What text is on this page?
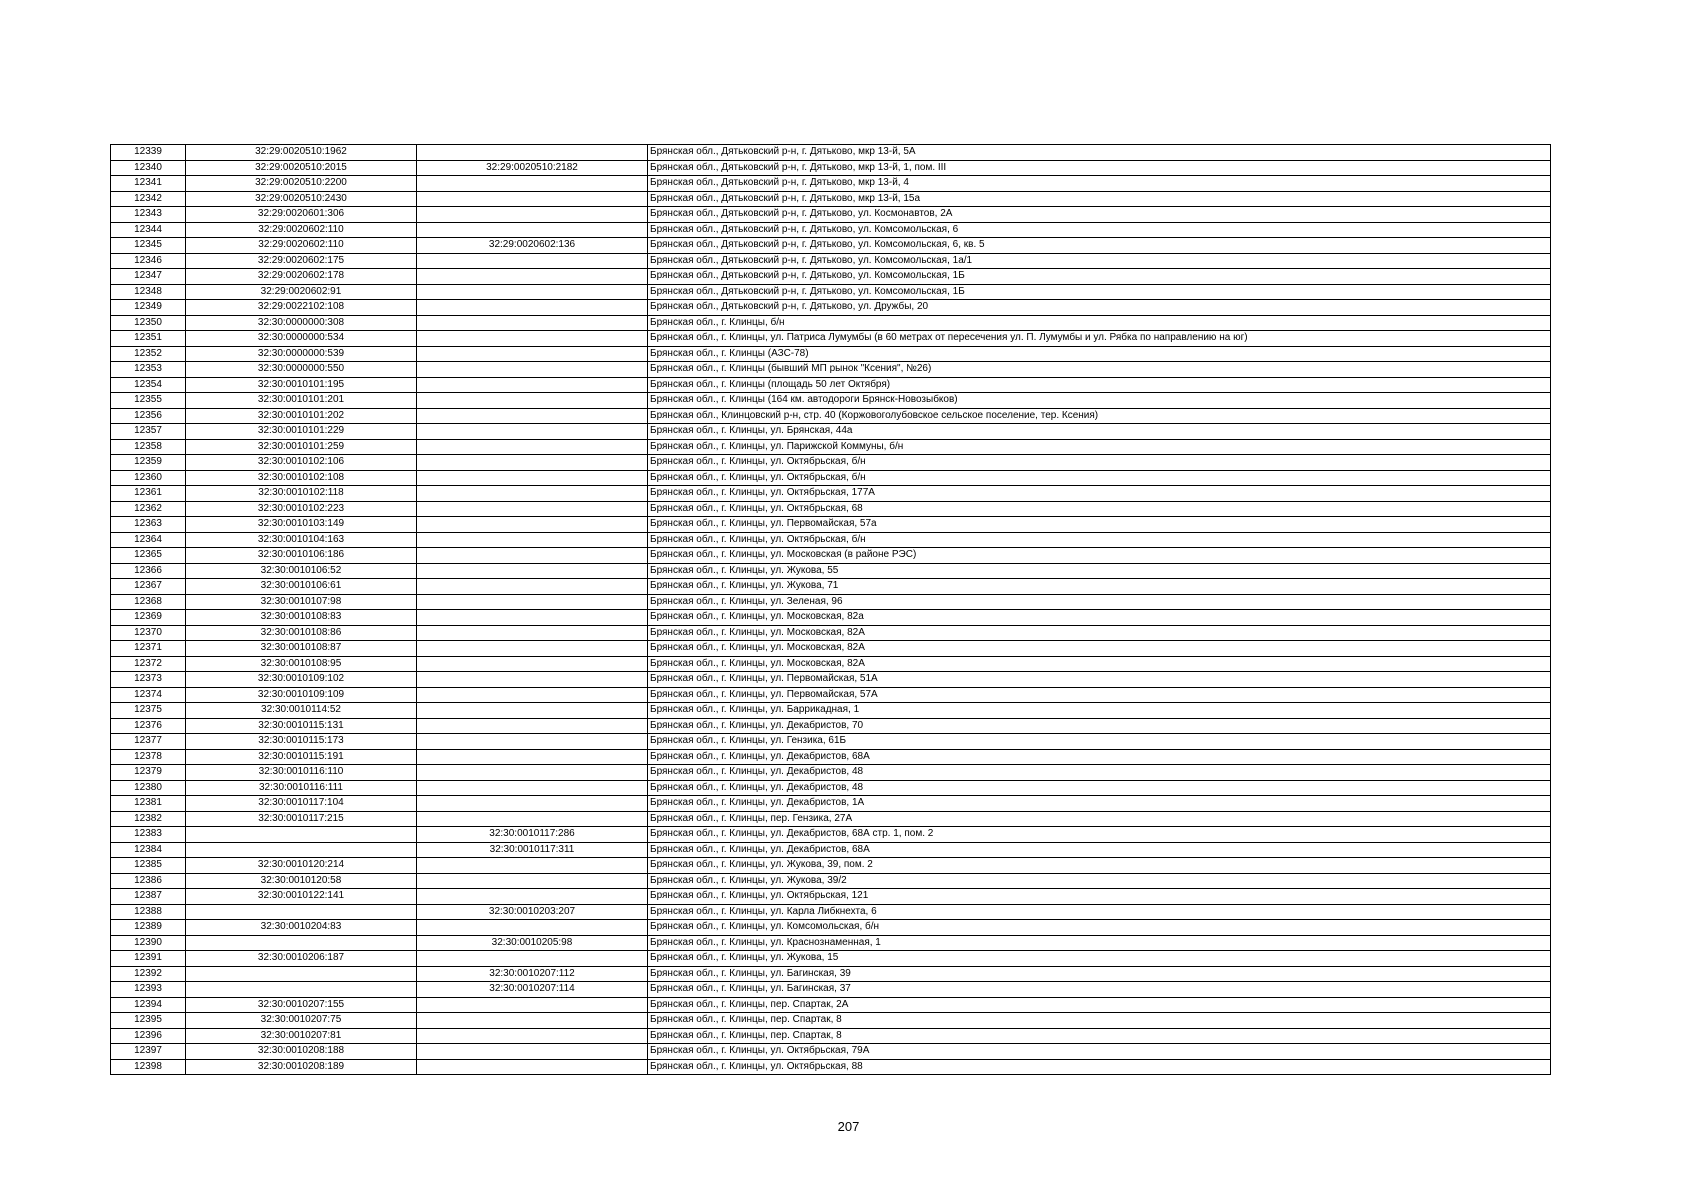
12339	32:29:0020510:1962		Брянская обл., Дятьковский р-н, г. Дятьково, мкр 13-й, 5А
12340	32:29:0020510:2015	32:29:0020510:2182	Брянская обл., Дятьковский р-н, г. Дятьково, мкр 13-й, 1, пом. III
12341	32:29:0020510:2200		Брянская обл., Дятьковский р-н, г. Дятьково, мкр 13-й, 4
12342	32:29:0020510:2430		Брянская обл., Дятьковский р-н, г. Дятьково, мкр 13-й, 15а
12343	32:29:0020601:306		Брянская обл., Дятьковский р-н, г. Дятьково, ул. Космонавтов, 2А
12344	32:29:0020602:110		Брянская обл., Дятьковский р-н, г. Дятьково, ул. Комсомольская, 6
12345	32:29:0020602:110	32:29:0020602:136	Брянская обл., Дятьковский р-н, г. Дятьково, ул. Комсомольская, 6, кв. 5
12346	32:29:0020602:175		Брянская обл., Дятьковский р-н, г. Дятьково, ул. Комсомольская, 1а/1
12347	32:29:0020602:178		Брянская обл., Дятьковский р-н, г. Дятьково, ул. Комсомольская, 1Б
12348	32:29:0020602:91		Брянская обл., Дятьковский р-н, г. Дятьково, ул. Комсомольская, 1Б
12349	32:29:0022102:108		Брянская обл., Дятьковский р-н, г. Дятьково, ул. Дружбы, 20
12350	32:30:0000000:308		Брянская обл., г. Клинцы, б/н
12351	32:30:0000000:534		Брянская обл., г. Клинцы, ул. Патриса Лумумбы (в 60 метрах от пересечения ул. П. Лумумбы и ул. Рябка по направлению на юг)
12352	32:30:0000000:539		Брянская обл., г. Клинцы (АЗС-78)
12353	32:30:0000000:550		Брянская обл., г. Клинцы (бывший МП рынок "Ксения", №26)
12354	32:30:0010101:195		Брянская обл., г. Клинцы (площадь 50 лет Октября)
12355	32:30:0010101:201		Брянская обл., г. Клинцы (164 км. автодороги Брянск-Новозыбков)
12356	32:30:0010101:202		Брянская обл., Клинцовский р-н, стр. 40 (Коржовоголубовское сельское поселение, тер. Ксения)
12357	32:30:0010101:229		Брянская обл., г. Клинцы, ул. Брянская, 44а
12358	32:30:0010101:259		Брянская обл., г. Клинцы, ул. Парижской Коммуны, б/н
12359	32:30:0010102:106		Брянская обл., г. Клинцы, ул. Октябрьская, б/н
12360	32:30:0010102:108		Брянская обл., г. Клинцы, ул. Октябрьская, б/н
12361	32:30:0010102:118		Брянская обл., г. Клинцы, ул. Октябрьская, 177А
12362	32:30:0010102:223		Брянская обл., г. Клинцы, ул. Октябрьская, 68
12363	32:30:0010103:149		Брянская обл., г. Клинцы, ул. Первомайская, 57а
12364	32:30:0010104:163		Брянская обл., г. Клинцы, ул. Октябрьская, б/н
12365	32:30:0010106:186		Брянская обл., г. Клинцы, ул. Московская (в районе РЭС)
12366	32:30:0010106:52		Брянская обл., г. Клинцы, ул. Жукова, 55
12367	32:30:0010106:61		Брянская обл., г. Клинцы, ул. Жукова, 71
12368	32:30:0010107:98		Брянская обл., г. Клинцы, ул. Зеленая, 96
12369	32:30:0010108:83		Брянская обл., г. Клинцы, ул. Московская, 82а
12370	32:30:0010108:86		Брянская обл., г. Клинцы, ул. Московская, 82А
12371	32:30:0010108:87		Брянская обл., г. Клинцы, ул. Московская, 82А
12372	32:30:0010108:95		Брянская обл., г. Клинцы, ул. Московская, 82А
12373	32:30:0010109:102		Брянская обл., г. Клинцы, ул. Первомайская, 51А
12374	32:30:0010109:109		Брянская обл., г. Клинцы, ул. Первомайская, 57А
12375	32:30:0010114:52		Брянская обл., г. Клинцы, ул. Баррикадная, 1
12376	32:30:0010115:131		Брянская обл., г. Клинцы, ул. Декабристов, 70
12377	32:30:0010115:173		Брянская обл., г. Клинцы, ул. Гензика, 61Б
12378	32:30:0010115:191		Брянская обл., г. Клинцы, ул. Декабристов, 68А
12379	32:30:0010116:110		Брянская обл., г. Клинцы, ул. Декабристов, 48
12380	32:30:0010116:111		Брянская обл., г. Клинцы, ул. Декабристов, 48
12381	32:30:0010117:104		Брянская обл., г. Клинцы, ул. Декабристов, 1А
12382	32:30:0010117:215		Брянская обл., г. Клинцы, пер. Гензика, 27А
12383		32:30:0010117:286	Брянская обл., г. Клинцы, ул. Декабристов, 68А стр. 1, пом. 2
12384		32:30:0010117:311	Брянская обл., г. Клинцы, ул. Декабристов, 68А
12385	32:30:0010120:214		Брянская обл., г. Клинцы, ул. Жукова, 39, пом. 2
12386	32:30:0010120:58		Брянская обл., г. Клинцы, ул. Жукова, 39/2
12387	32:30:0010122:141		Брянская обл., г. Клинцы, ул. Октябрьская, 121
12388		32:30:0010203:207	Брянская обл., г. Клинцы, ул. Карла Либкнехта, 6
12389	32:30:0010204:83		Брянская обл., г. Клинцы, ул. Комсомольская, б/н
12390		32:30:0010205:98	Брянская обл., г. Клинцы, ул. Краснознаменная, 1
12391	32:30:0010206:187		Брянская обл., г. Клинцы, ул. Жукова, 15
12392		32:30:0010207:112	Брянская обл., г. Клинцы, ул. Багинская, 39
12393		32:30:0010207:114	Брянская обл., г. Клинцы, ул. Багинская, 37
12394	32:30:0010207:155		Брянская обл., г. Клинцы, пер. Спартак, 2А
12395	32:30:0010207:75		Брянская обл., г. Клинцы, пер. Спартак, 8
12396	32:30:0010207:81		Брянская обл., г. Клинцы, пер. Спартак, 8
12397	32:30:0010208:188		Брянская обл., г. Клинцы, ул. Октябрьская, 79А
12398	32:30:0010208:189		Брянская обл., г. Клинцы, ул. Октябрьская, 88
207
